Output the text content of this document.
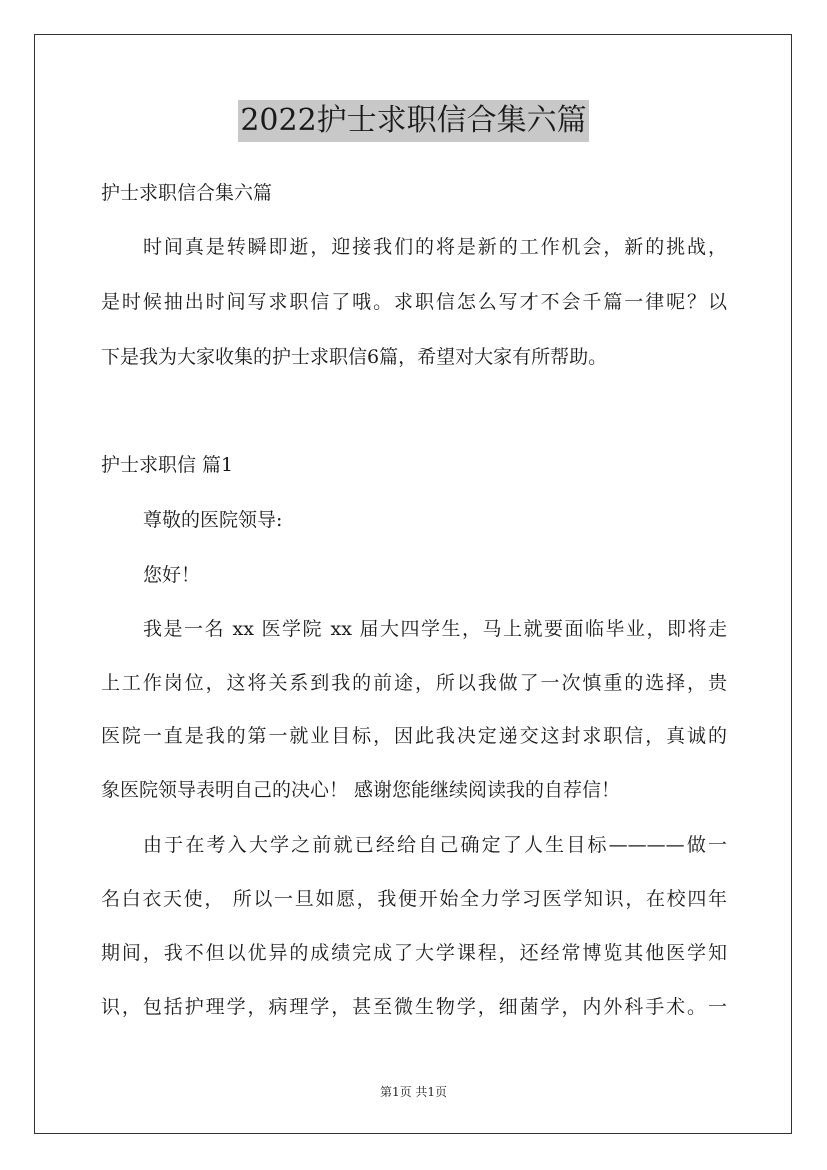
2022护士求职信合集六篇
护士求职信合集六篇
时间真是转瞬即逝，迎接我们的将是新的工作机会，新的挑战，
是时候抽出时间写求职信了哦。求职信怎么写才不会千篇一律呢？以
下是我为大家收集的护士求职信6篇，希望对大家有所帮助。
护士求职信 篇1
尊敬的医院领导:
您好！
我是一名 xx 医学院 xx 届大四学生，马上就要面临毕业，即将走
上工作岗位，这将关系到我的前途，所以我做了一次慎重的选择，贵
医院一直是我的第一就业目标，因此我决定递交这封求职信，真诚的
象医院领导表明自己的决心！ 感谢您能继续阅读我的自荐信！
由于在考入大学之前就已经给自己确定了人生目标————做一
名白衣天使， 所以一旦如愿，我便开始全力学习医学知识，在校四年
期间，我不但以优异的成绩完成了大学课程，还经常博览其他医学知
识，包括护理学，病理学，甚至微生物学，细菌学，内外科手术。一
第1页 共1页
